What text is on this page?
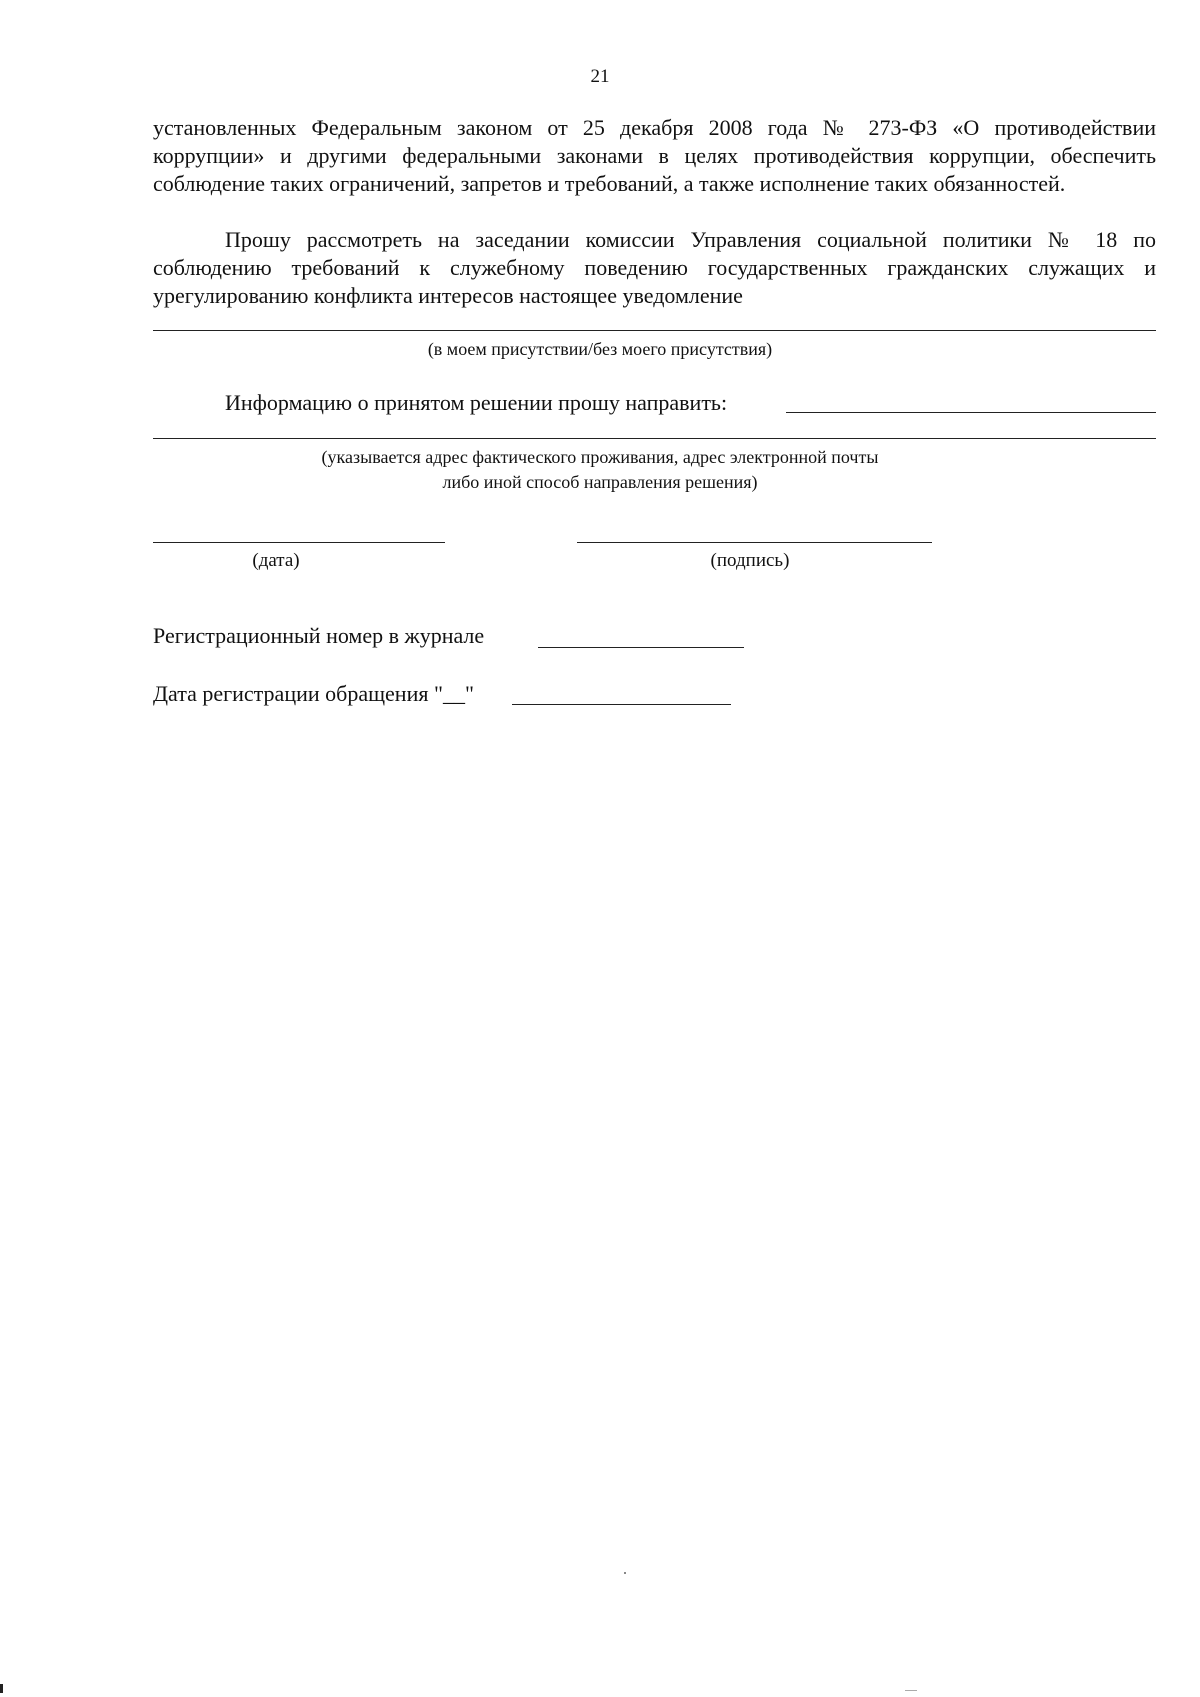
21
установленных Федеральным законом от 25 декабря 2008 года № 273-ФЗ «О противодействии коррупции» и другими федеральными законами в целях противодействия коррупции, обеспечить соблюдение таких ограничений, запретов и требований, а также исполнение таких обязанностей.
Прошу рассмотреть на заседании комиссии Управления социальной политики № 18 по соблюдению требований к служебному поведению государственных гражданских служащих и урегулированию конфликта интересов настоящее уведомление
(в моем присутствии/без моего присутствия)
Информацию о принятом решении прошу направить:
(указывается адрес фактического проживания, адрес электронной почты
либо иной способ направления решения)
(дата)	(подпись)
Регистрационный номер в журнале
Дата регистрации обращения "__"
